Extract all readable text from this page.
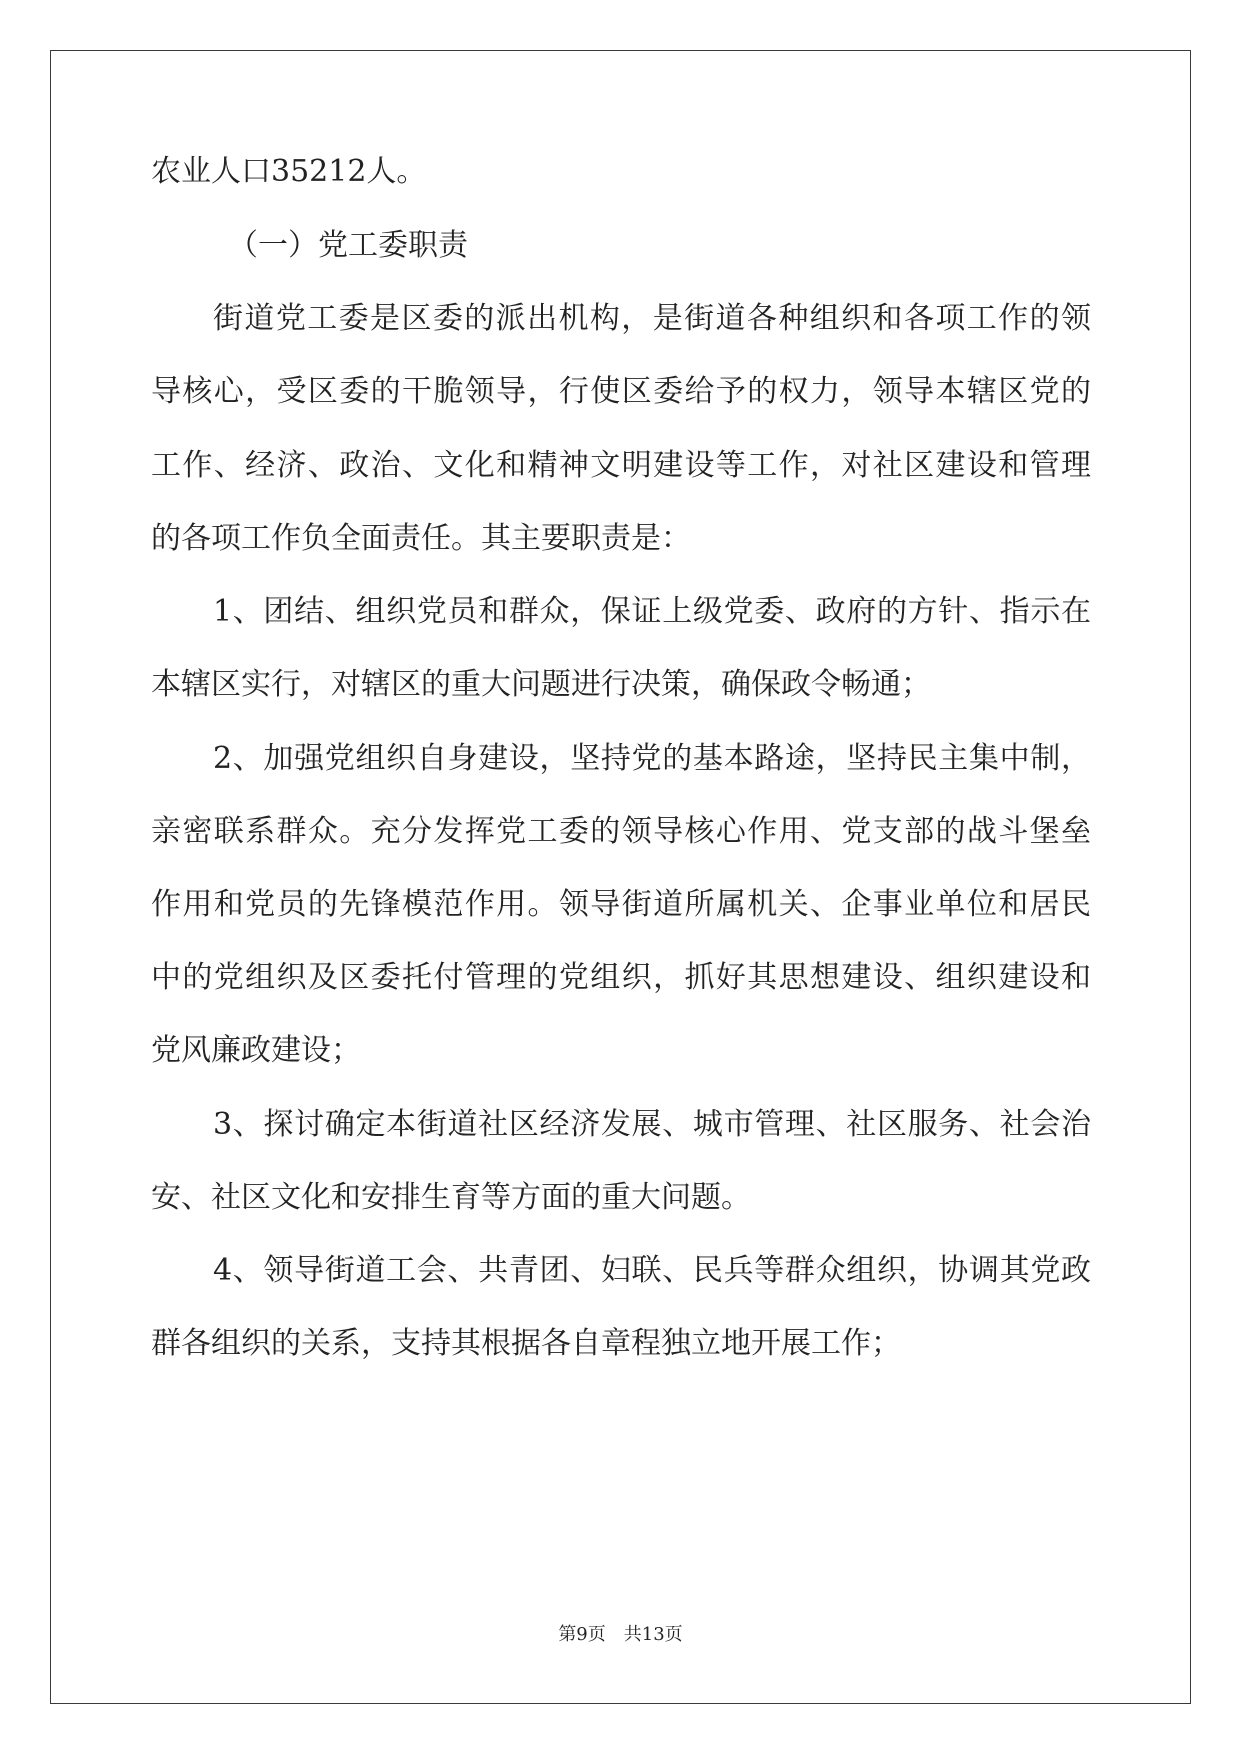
农业人口35212人。
（一）党工委职责
街道党工委是区委的派出机构，是街道各种组织和各项工作的领
导核心，受区委的干脆领导，行使区委给予的权力，领导本辖区党的
工作、经济、政治、文化和精神文明建设等工作，对社区建设和管理
的各项工作负全面责任。其主要职责是：
1、团结、组织党员和群众，保证上级党委、政府的方针、指示在
本辖区实行，对辖区的重大问题进行决策，确保政令畅通；
2、加强党组织自身建设，坚持党的基本路途，坚持民主集中制，
亲密联系群众。充分发挥党工委的领导核心作用、党支部的战斗堡垒
作用和党员的先锋模范作用。领导街道所属机关、企事业单位和居民
中的党组织及区委托付管理的党组织，抓好其思想建设、组织建设和
党风廉政建设；
3、探讨确定本街道社区经济发展、城市管理、社区服务、社会治
安、社区文化和安排生育等方面的重大问题。
4、领导街道工会、共青团、妇联、民兵等群众组织，协调其党政
群各组织的关系，支持其根据各自章程独立地开展工作；
第9页　共13页
